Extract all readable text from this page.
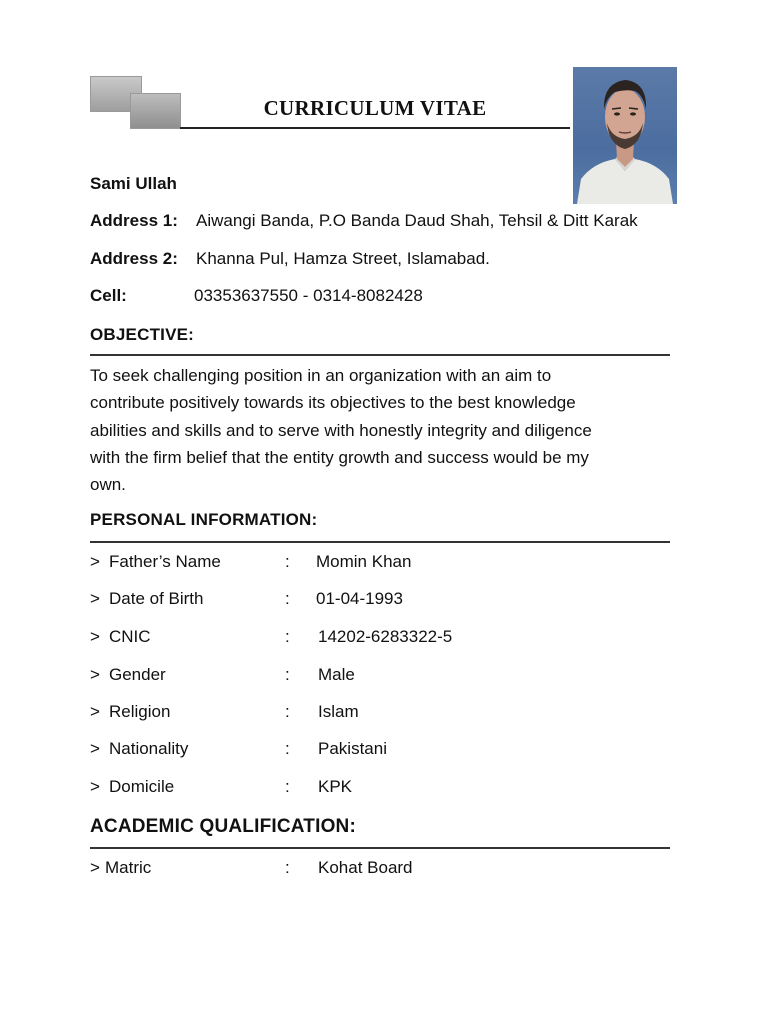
CURRICULUM VITAE
Sami Ullah
Address 1: Aiwangi Banda, P.O Banda Daud Shah, Tehsil & Ditt Karak
Address 2: Khanna Pul, Hamza Street, Islamabad.
Cell:	03353637550 - 0314-8082428
OBJECTIVE:
To seek challenging position in an organization with an aim to
contribute positively towards its objectives to the best knowledge
abilities and skills and to serve with honestly integrity and diligence
with the firm belief that the entity growth and success would be my
own.
PERSONAL INFORMATION:
> Father’s Name	: Momin Khan
> Date of Birth	: 01-04-1993
> CNIC	: 14202-6283322-5
> Gender	: Male
> Religion	: Islam
> Nationality	: Pakistani
> Domicile	: KPK
ACADEMIC QUALIFICATION:
> Matric	: Kohat Board
